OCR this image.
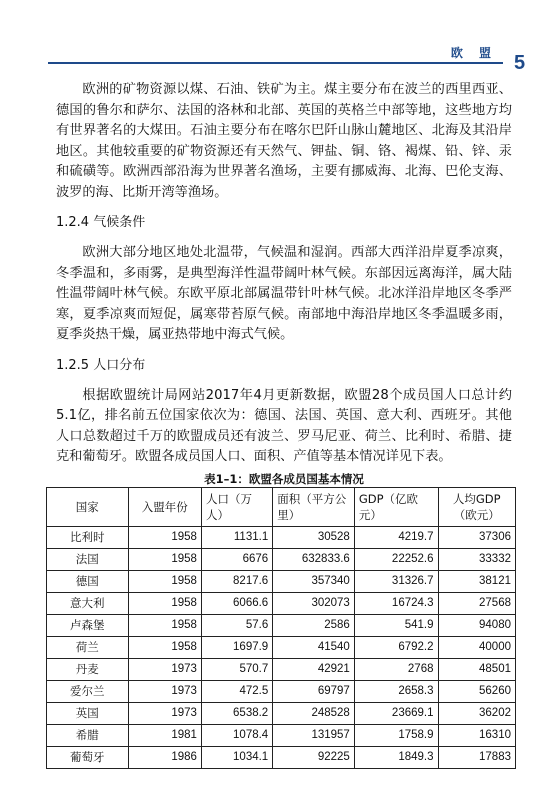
欧 盟 5

欧洲的矿物资源以煤、石油、铁矿为主。煤主要分布在波兰的西里西亚、德国的鲁尔和萨尔、法国的洛林和北部、英国的英格兰中部等地，这些地方均有世界著名的大煤田。石油主要分布在喀尔巴阡山脉山麓地区、北海及其沿岸地区。其他较重要的矿物资源还有天然气、钾盐、铜、铬、褐煤、铅、锌、汞和硫磺等。欧洲西部沿海为世界著名渔场，主要有挪威海、北海、巴伦支海、波罗的海、比斯开湾等渔场。

1.2.4 气候条件

欧洲大部分地区地处北温带，气候温和湿润。西部大西洋沿岸夏季凉爽，冬季温和，多雨雾，是典型海洋性温带阔叶林气候。东部因远离海洋，属大陆性温带阔叶林气候。东欧平原北部属温带针叶林气候。北冰洋沿岸地区冬季严寒，夏季凉爽而短促，属寒带苔原气候。南部地中海沿岸地区冬季温暖多雨，夏季炎热干燥，属亚热带地中海式气候。

1.2.5 人口分布

根据欧盟统计局网站2017年4月更新数据，欧盟28个成员国人口总计约5.1亿，排名前五位国家依次为：德国、法国、英国、意大利、西班牙。其他人口总数超过千万的欧盟成员还有波兰、罗马尼亚、荷兰、比利时、希腊、捷克和葡萄牙。欧盟各成员国人口、面积、产值等基本情况详见下表。

表1–1：欧盟各成员国基本情况
国家	入盟年份	人口（万人）	面积（平方公里）	GDP（亿欧元）	人均GDP（欧元）
比利时	1958	1131.1	30528	4219.7	37306
法国	1958	6676	632833.6	22252.6	33332
德国	1958	8217.6	357340	31326.7	38121
意大利	1958	6066.6	302073	16724.3	27568
卢森堡	1958	57.6	2586	541.9	94080
荷兰	1958	1697.9	41540	6792.2	40000
丹麦	1973	570.7	42921	2768	48501
爱尔兰	1973	472.5	69797	2658.3	56260
英国	1973	6538.2	248528	23669.1	36202
希腊	1981	1078.4	131957	1758.9	16310
葡萄牙	1986	1034.1	92225	1849.3	17883
